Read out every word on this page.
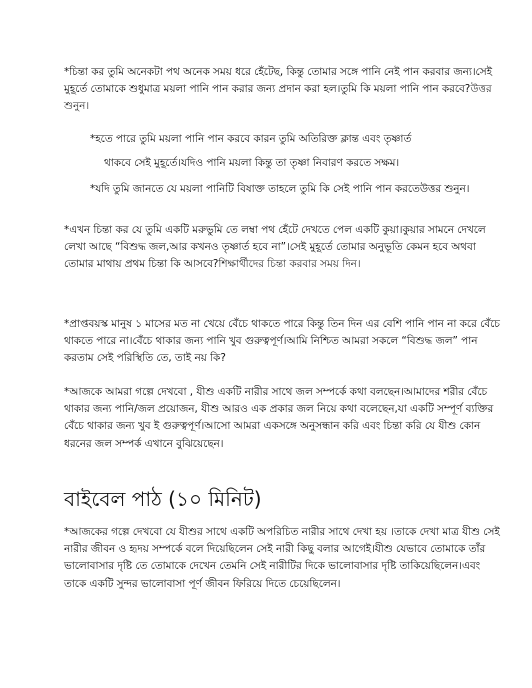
*চিন্তা কর তুমি অনেকটা পথ অনেক সময় ধরে হেঁটেছ, কিন্তু তোমার সঙ্গে পানি নেই পান করবার জন্য।সেই মুহূর্তে তোমাকে শুধুমাত্র ময়লা পানি পান করার জন্য প্রদান করা হল।তুমি কি ময়লা পানি পান করবে?উত্তর শুনুন।

*হতে পারে তুমি ময়লা পানি পান করবে কারন তুমি অতিরিক্ত ক্লান্ত এবং তৃষ্ণার্ত

থাকবে সেই মুহূর্তে।যদিও পানি ময়লা কিন্তু তা তৃষ্ণা নিবারণ করতে সক্ষম।

*যদি তুমি জানতে যে ময়লা পানিটি বিষাক্ত তাহলে তুমি কি সেই পানি পান করতেউত্তর শুনুন।

*এখন চিন্তা কর যে তুমি একটি মরুভুমি তে লম্বা পথ হেঁটে দেখতে পেল একটি কুয়া।কুয়ার সামনে দেখলে লেখা আছে “বিশুদ্ধ জল,আর কখনও তৃষ্ণার্ত হবে না”।সেই মুহূর্তে তোমার অনুভূতি কেমন হবে অথবা তোমার মাথায় প্রথম চিন্তা কি আসবে?শিক্ষার্থীদের চিন্তা করবার সময় দিন।

*প্রাপ্তবয়স্ক মানুষ ১ মাসের মত না খেয়ে বেঁচে থাকতে পারে কিন্তু তিন দিন এর বেশি পানি পান না করে বেঁচে থাকতে পারে না।বেঁচে থাকার জন্য পানি খুব গুরুত্বপূর্ণ।আমি নিশ্চিত আমরা সকলে “বিশুদ্ধ জল” পান করতাম সেই পরিস্থিতি তে, তাই নয় কি?

*আজকে আমরা গল্পে দেখবো , যীশু একটি নারীর সাথে জল সম্পর্কে কথা বলছেন।আমাদের শরীর বেঁচে থাকার জন্য পানি/জল প্রয়োজন, যীশু আরও এক প্রকার জল নিয়ে কথা বলেছেন,যা একটি সম্পূর্ণ ব্যক্তির বেঁচে থাকার জন্য খুব ই গুরুত্বপূর্ণ।আসো আমরা একসঙ্গে অনুসন্ধান করি এবং চিন্তা করি যে যীশু কোন ধরনের জল সম্পর্ক এখানে বুঝিয়েছেন।

বাইবেল পাঠ (১০ মিনিট)

*আজকের গল্পে দেখবো যে যীশুর সাথে একটি অপরিচিত নারীর সাথে দেখা হয় ।তাকে দেখা মাত্র যীশু সেই নারীর জীবন ও হৃদয় সম্পর্কে বলে দিয়েছিলেন সেই নারী কিছু বলার আগেই।যীশু যেভাবে তোমাকে তাঁর ভালোবাসার দৃষ্টি তে তোমাকে দেখেন তেমনি সেই নারীটির দিকে ভালোবাসার দৃষ্টি তাকিয়েছিলেন।এবং তাকে একটি সুন্দর ভালোবাসা পূর্ণ জীবন ফিরিয়ে দিতে চেয়েছিলেন।
